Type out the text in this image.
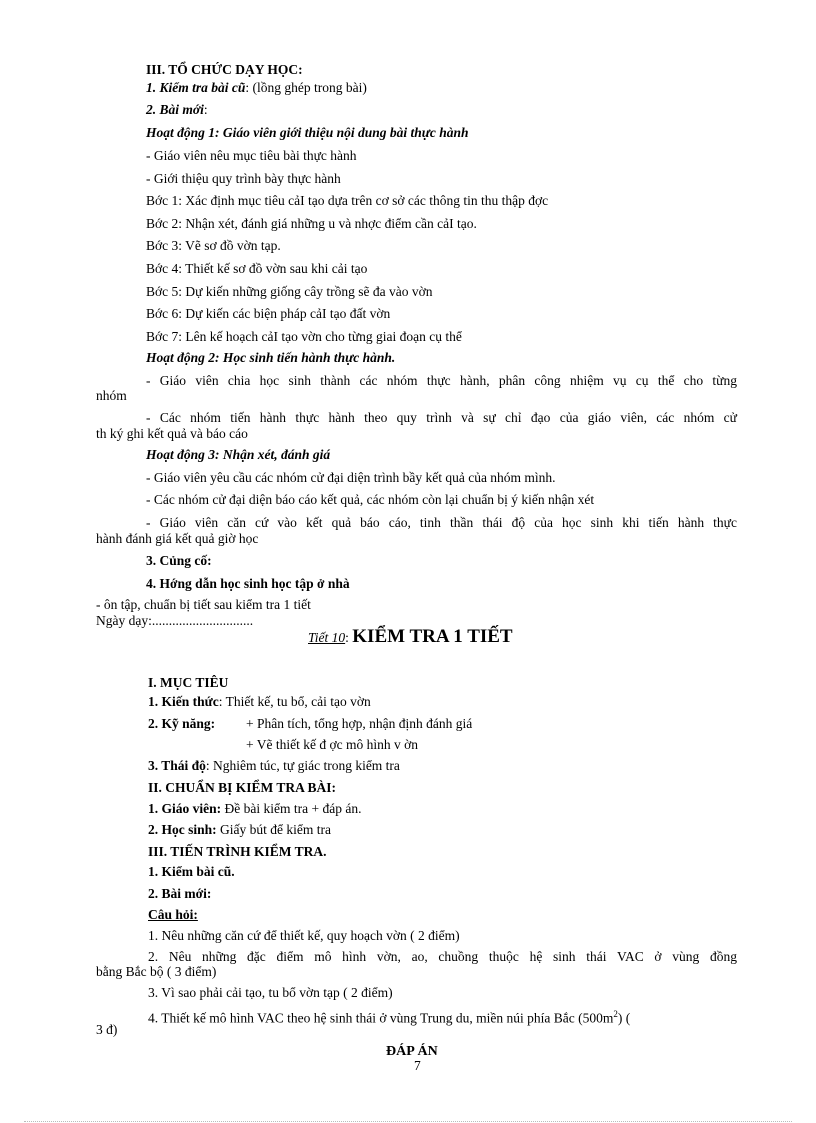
III. TỔ CHỨC DẠY HỌC:
1. Kiểm tra bài cũ: (lồng ghép trong bài)
2. Bài mới:
Hoạt động 1: Giáo viên giới thiệu nội dung bài thực hành
- Giáo viên nêu mục tiêu bài thực hành
- Giới thiệu quy trình bày thực hành
Bớc 1: Xác định mục tiêu cảI tạo dựa trên cơ sở các thông tin thu thập đợc
Bớc 2: Nhận xét, đánh giá những u và nhợc điểm cần cảI tạo.
Bớc 3: Vẽ sơ đồ vờn tạp.
Bớc 4: Thiết kế sơ đồ vờn sau khi cải tạo
Bớc 5: Dự kiến những giống cây trồng sẽ đa vào vờn
Bớc 6: Dự kiến các biện pháp cảI tạo đất vờn
Bớc 7: Lên kế hoạch cảI tạo vờn cho từng giai đoạn cụ thể
Hoạt động 2: Học sinh tiến hành thực hành.
- Giáo viên chia học sinh thành các nhóm thực hành, phân công nhiệm vụ cụ thể cho từng
nhóm
- Các nhóm tiến hành thực hành theo quy trình và sự chỉ đạo của giáo viên, các nhóm cử
th ký ghi kết quả và báo cáo
Hoạt động 3: Nhận xét, đánh giá
- Giáo viên yêu cầu các nhóm cử đại diện trình bầy kết quả của nhóm mình.
- Các nhóm cử đại diện báo cáo kết quả, các nhóm còn lại chuẩn bị ý kiến nhận xét
- Giáo viên căn cứ vào kết quả báo cáo, tinh thần thái độ của học sinh khi tiến hành thực
hành đánh giá kết quả giờ học
3. Củng cố:
4. Hớng dẫn học sinh học tập ở nhà
- ôn tập, chuẩn bị tiết sau kiểm tra 1 tiết
Ngày dạy:..............................
Tiết 10: KIỂM TRA 1 TIẾT
I. MỤC TIÊU
1. Kiến thức: Thiết kế, tu bổ, cải tạo vờn
2. Kỹ năng: + Phân tích, tổng hợp, nhận định đánh giá
+ Vẽ thiết kế đ ợc mô hình v ờn
3. Thái độ: Nghiêm túc, tự giác trong kiểm tra
II. CHUẨN BỊ KIỂM TRA BÀI:
1. Giáo viên: Đề bài kiểm tra + đáp án.
2. Học sinh: Giấy bút để kiểm tra
III. TIẾN TRÌNH KIỂM TRA.
1. Kiểm bài cũ.
2. Bài mới:
Câu hỏi:
1. Nêu những căn cứ để thiết kế, quy hoạch vờn ( 2 điểm)
2. Nêu những đặc điểm mô hình vờn, ao, chuồng thuộc hệ sinh thái VAC ở vùng đồng
bằng Bắc bộ ( 3 điểm)
3. Vì sao phải cải tạo, tu bổ vờn tạp ( 2 điểm)
4. Thiết kế mô hình VAC theo hệ sinh thái ở vùng Trung du, miền núi phía Bắc $(500m^2)$ (
3 đ)
ĐÁP ÁN
7
